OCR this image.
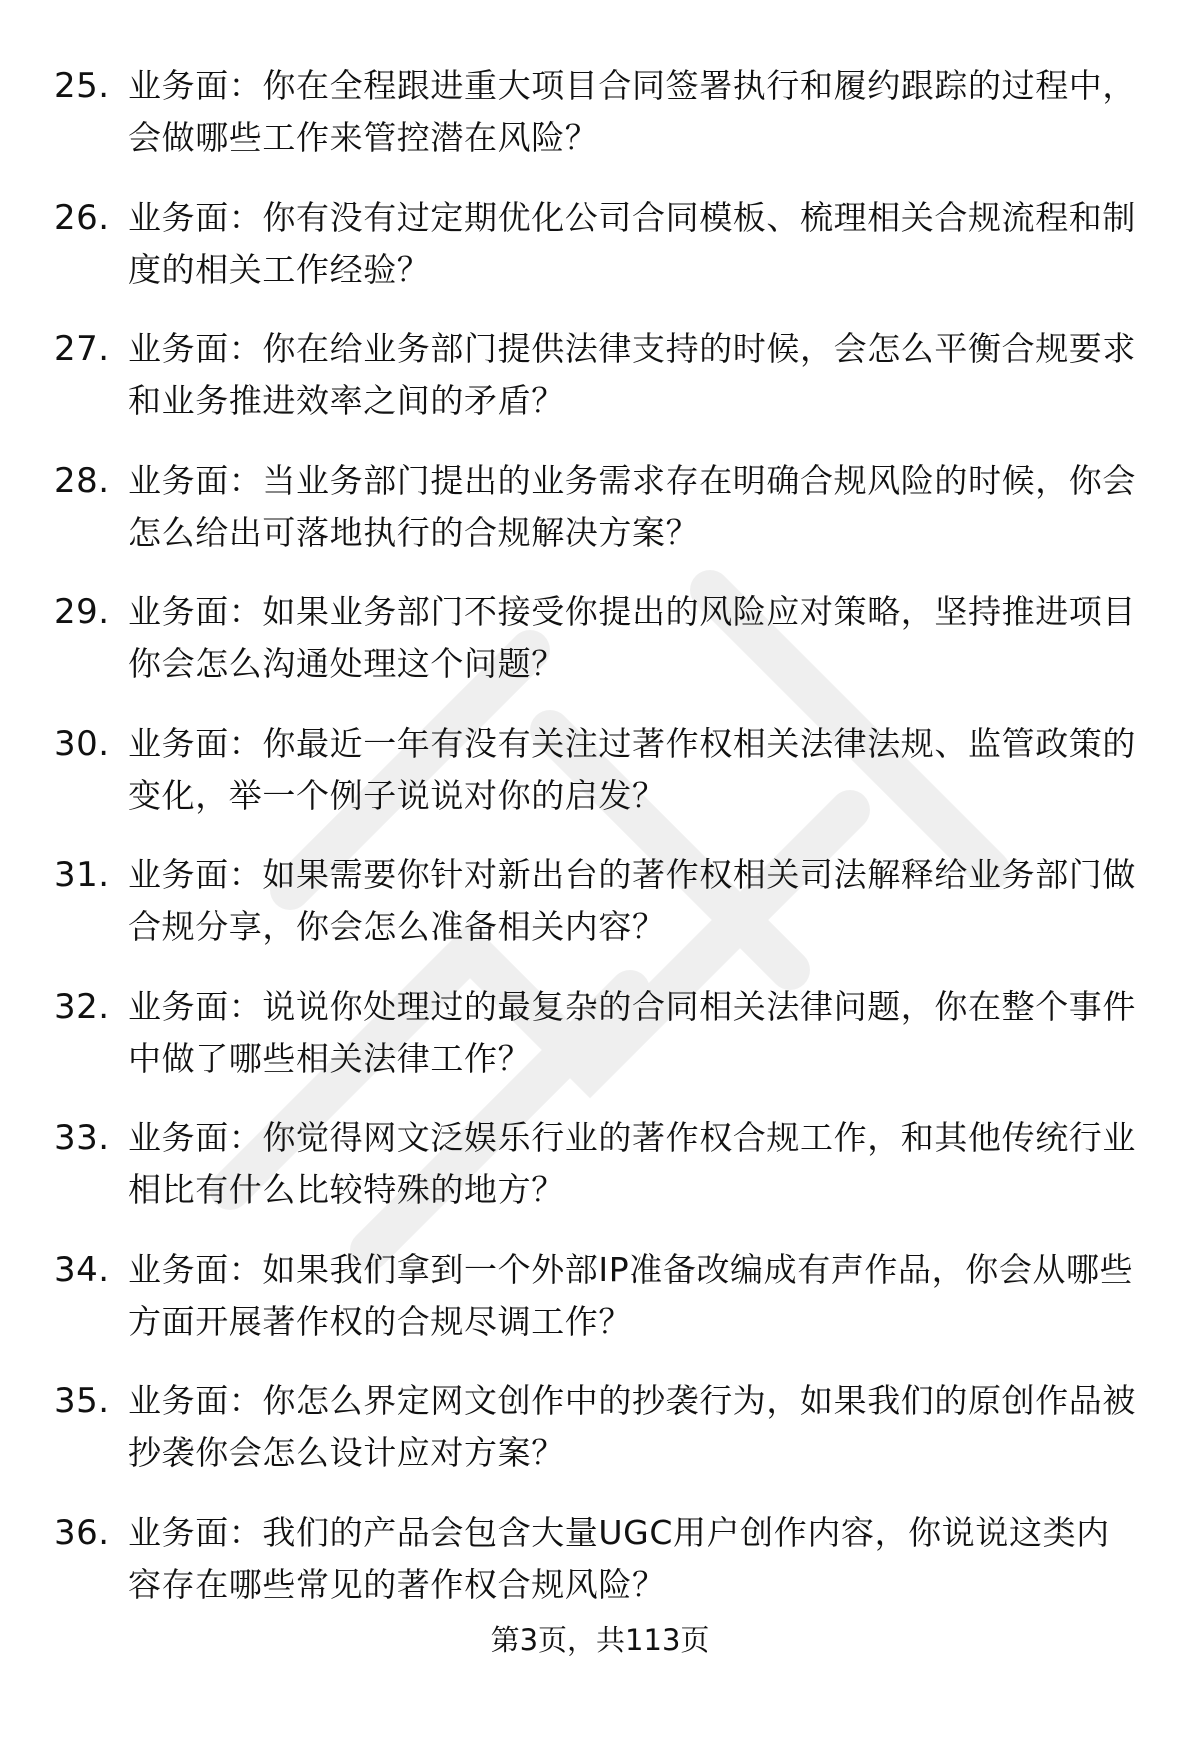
25. 业务面：你在全程跟进重大项目合同签署执行和履约跟踪的过程中，会做哪些工作来管控潜在风险？
26. 业务面：你有没有过定期优化公司合同模板、梳理相关合规流程和制度的相关工作经验？
27. 业务面：你在给业务部门提供法律支持的时候，会怎么平衡合规要求和业务推进效率之间的矛盾？
28. 业务面：当业务部门提出的业务需求存在明确合规风险的时候，你会怎么给出可落地执行的合规解决方案？
29. 业务面：如果业务部门不接受你提出的风险应对策略，坚持推进项目你会怎么沟通处理这个问题？
30. 业务面：你最近一年有没有关注过著作权相关法律法规、监管政策的变化，举一个例子说说对你的启发？
31. 业务面：如果需要你针对新出台的著作权相关司法解释给业务部门做合规分享，你会怎么准备相关内容？
32. 业务面：说说你处理过的最复杂的合同相关法律问题，你在整个事件中做了哪些相关法律工作？
33. 业务面：你觉得网文泛娱乐行业的著作权合规工作，和其他传统行业相比有什么比较特殊的地方？
34. 业务面：如果我们拿到一个外部IP准备改编成有声作品，你会从哪些方面开展著作权的合规尽调工作？
35. 业务面：你怎么界定网文创作中的抄袭行为，如果我们的原创作品被抄袭你会怎么设计应对方案？
36. 业务面：我们的产品会包含大量UGC用户创作内容，你说说这类内容存在哪些常见的著作权合规风险？
第3页，共113页
